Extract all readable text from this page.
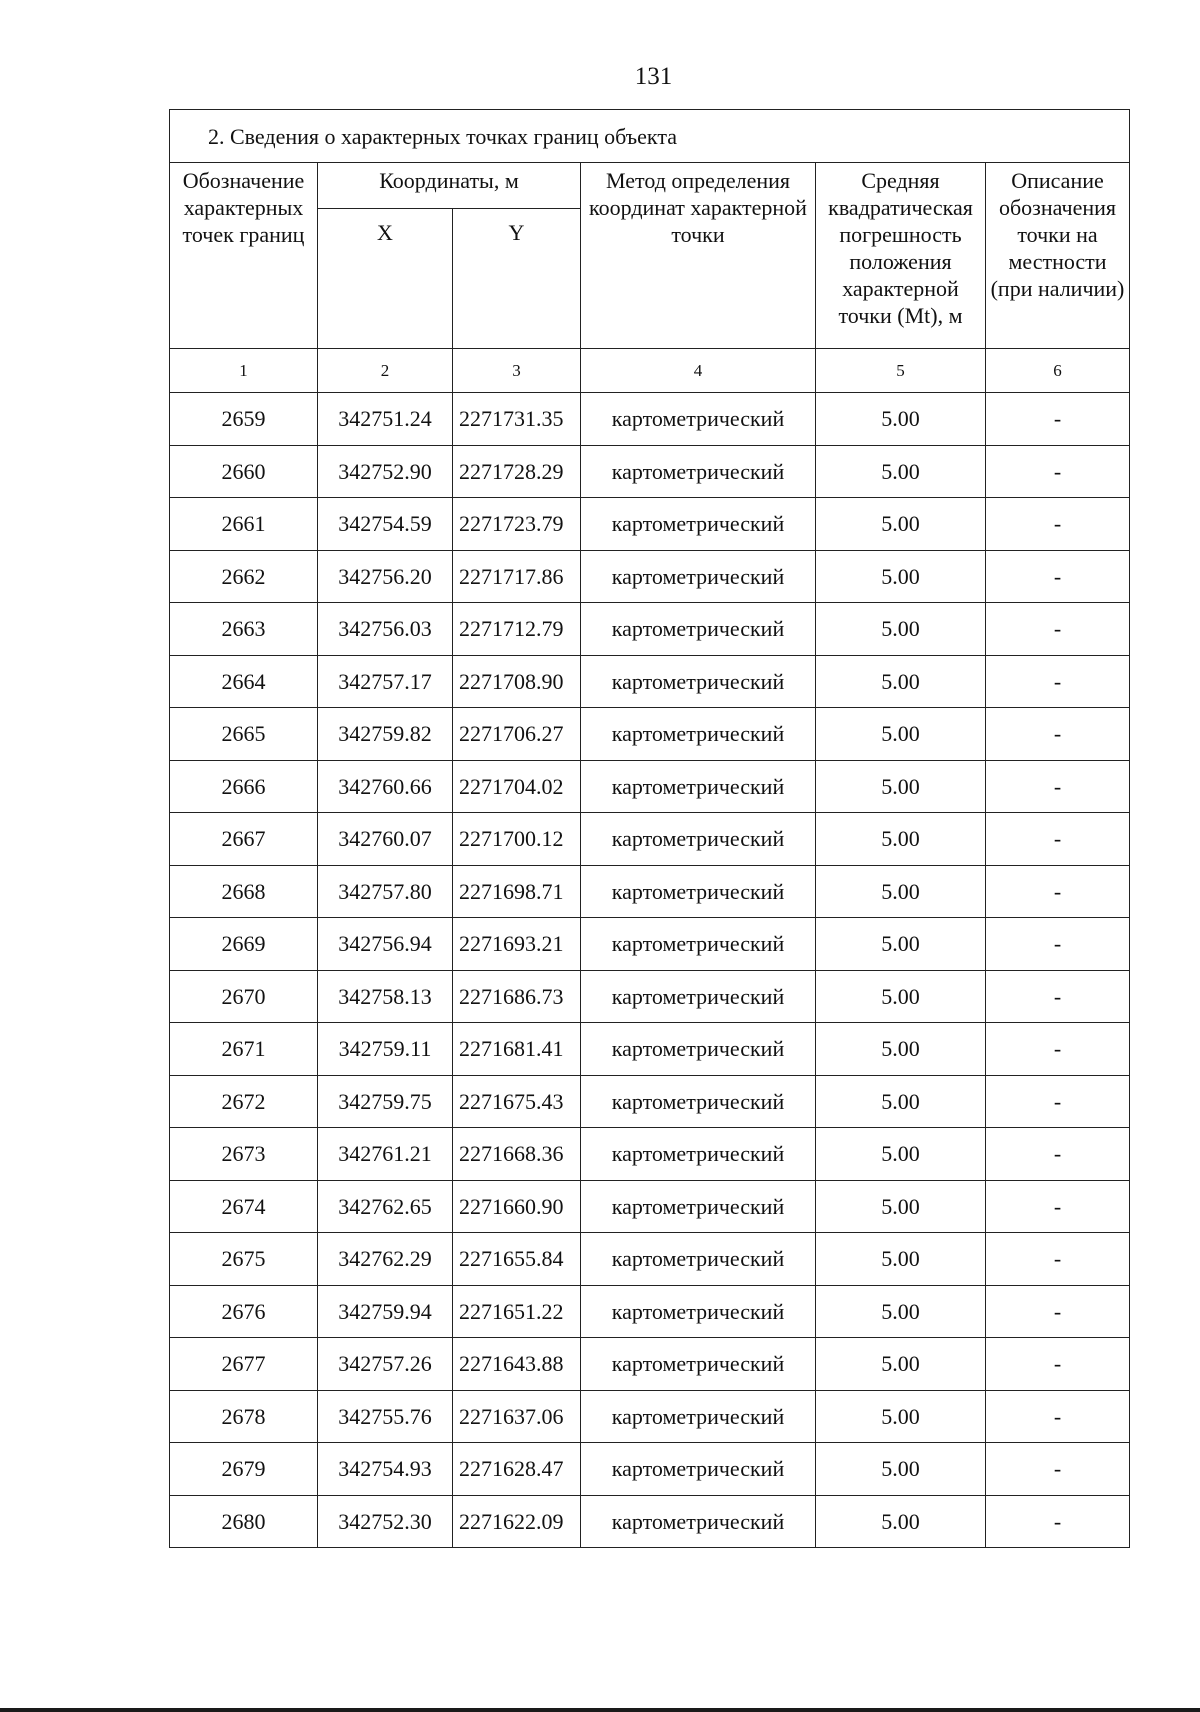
131
2. Сведения о характерных точках границ объекта					
Обозначение характерных точек границ	Координаты, м		Метод определения координат характерной точки	Средняя квадратическая погрешность положения характерной точки (Mt), м	Описание обозначения точки на местности (при наличии)
	X	Y			
1	2	3	4	5	6
2659	342751.24	2271731.35	картометрический	5.00	-
2660	342752.90	2271728.29	картометрический	5.00	-
2661	342754.59	2271723.79	картометрический	5.00	-
2662	342756.20	2271717.86	картометрический	5.00	-
2663	342756.03	2271712.79	картометрический	5.00	-
2664	342757.17	2271708.90	картометрический	5.00	-
2665	342759.82	2271706.27	картометрический	5.00	-
2666	342760.66	2271704.02	картометрический	5.00	-
2667	342760.07	2271700.12	картометрический	5.00	-
2668	342757.80	2271698.71	картометрический	5.00	-
2669	342756.94	2271693.21	картометрический	5.00	-
2670	342758.13	2271686.73	картометрический	5.00	-
2671	342759.11	2271681.41	картометрический	5.00	-
2672	342759.75	2271675.43	картометрический	5.00	-
2673	342761.21	2271668.36	картометрический	5.00	-
2674	342762.65	2271660.90	картометрический	5.00	-
2675	342762.29	2271655.84	картометрический	5.00	-
2676	342759.94	2271651.22	картометрический	5.00	-
2677	342757.26	2271643.88	картометрический	5.00	-
2678	342755.76	2271637.06	картометрический	5.00	-
2679	342754.93	2271628.47	картометрический	5.00	-
2680	342752.30	2271622.09	картометрический	5.00	-
